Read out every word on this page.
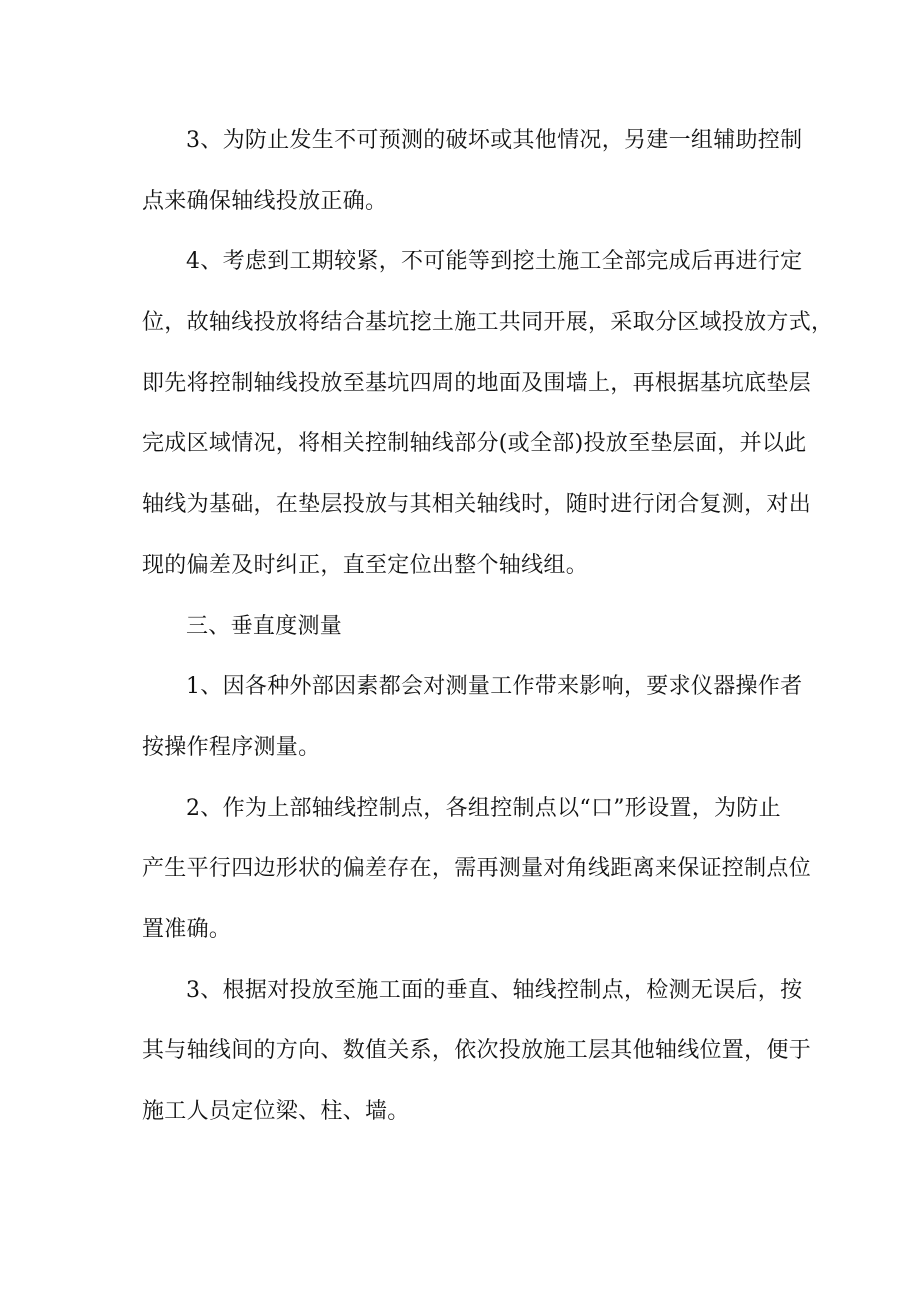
3、为防止发生不可预测的破坏或其他情况，另建一组辅助控制
点来确保轴线投放正确。
4、考虑到工期较紧，不可能等到挖土施工全部完成后再进行定
位，故轴线投放将结合基坑挖土施工共同开展，采取分区域投放方式，
即先将控制轴线投放至基坑四周的地面及围墙上，再根据基坑底垫层
完成区域情况，将相关控制轴线部分(或全部)投放至垫层面，并以此
轴线为基础，在垫层投放与其相关轴线时，随时进行闭合复测，对出
现的偏差及时纠正，直至定位出整个轴线组。
三、垂直度测量
1、因各种外部因素都会对测量工作带来影响，要求仪器操作者
按操作程序测量。
2、作为上部轴线控制点，各组控制点以“口”形设置，为防止
产生平行四边形状的偏差存在，需再测量对角线距离来保证控制点位
置准确。
3、根据对投放至施工面的垂直、轴线控制点，检测无误后，按
其与轴线间的方向、数值关系，依次投放施工层其他轴线位置，便于
施工人员定位梁、柱、墙。
